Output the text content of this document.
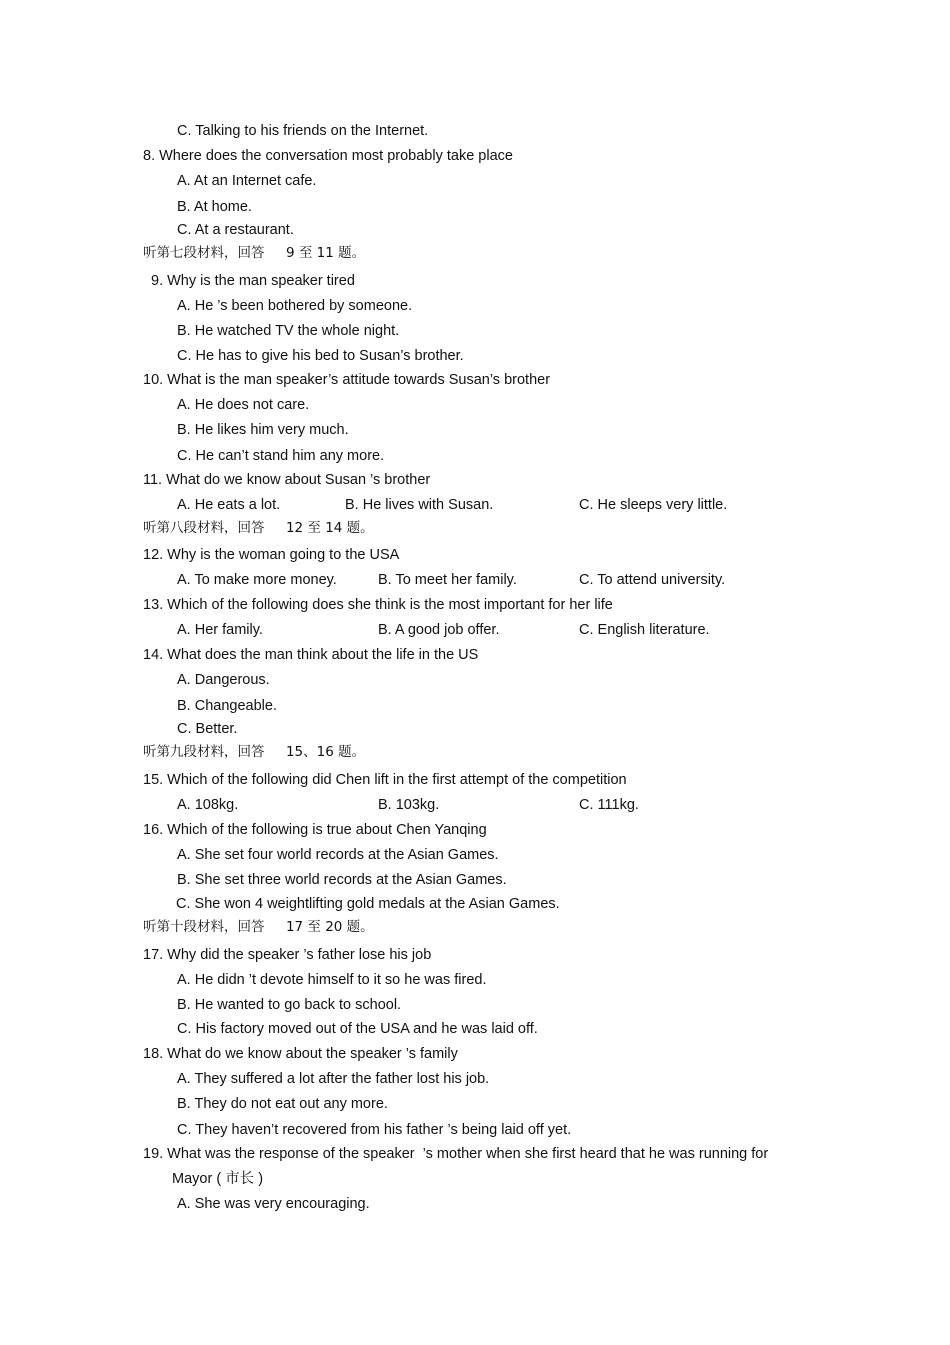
C. Talking to his friends on the Internet.
8. Where does the conversation most probably take place
A. At an Internet cafe.
B. At home.
C. At a restaurant.
听第七段材料，回答     9 至 11 题。
9. Why is the man speaker tired
A. He ’s been bothered by someone.
B. He watched TV the whole night.
C. He has to give his bed to Susan’s brother.
10. What is the man speaker’s attitude towards Susan’s brother
A. He does not care.
B. He likes him very much.
C. He can’t stand him any more.
11. What do we know about Susan ’s brother
A. He eats a lot.	B. He lives with Susan.	C. He sleeps very little.
听第八段材料，回答     12 至 14 题。
12. Why is the woman going to the USA
A. To make more money.	B. To meet her family.	C. To attend university.
13. Which of the following does she think is the most important for her life
A. Her family.	B. A good job offer.	C. English literature.
14. What does the man think about the life in the US
A. Dangerous.
B. Changeable.
C. Better.
听第九段材料，回答     15、16 题。
15. Which of the following did Chen lift in the first attempt of the competition
A. 108kg.	B. 103kg.	C. 111kg.
16. Which of the following is true about Chen Yanqing
A. She set four world records at the Asian Games.
B. She set three world records at the Asian Games.
C. She won 4 weightlifting gold medals at the Asian Games.
听第十段材料，回答     17 至 20 题。
17. Why did the speaker ’s father lose his job
A. He didn ’t devote himself to it so he was fired.
B. He wanted to go back to school.
C. His factory moved out of the USA and he was laid off.
18. What do we know about the speaker ’s family
A. They suffered a lot after the father lost his job.
B. They do not eat out any more.
C. They haven’t recovered from his father ’s being laid off yet.
19. What was the response of the speaker  ’s mother when she first heard that he was running for
Mayor ( 市长 )
A. She was very encouraging.
